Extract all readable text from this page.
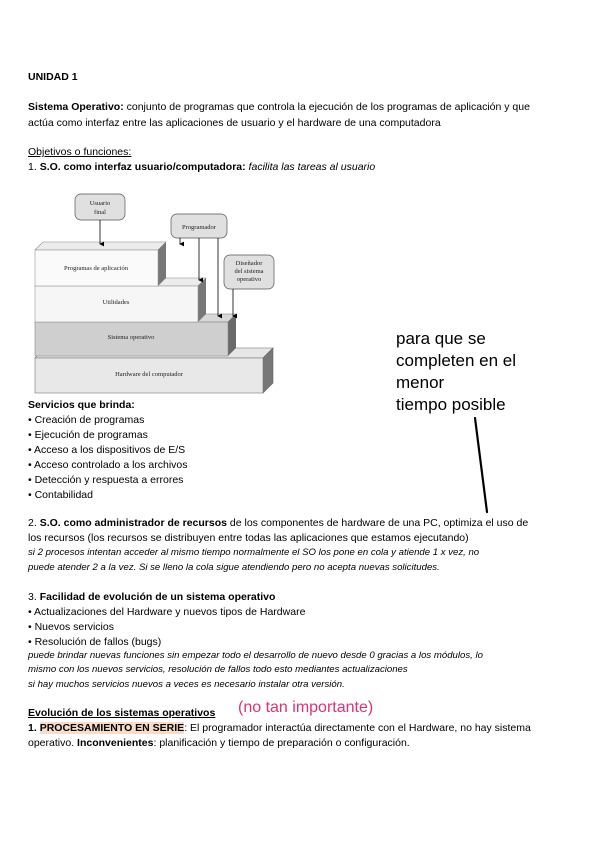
UNIDAD 1
Sistema Operativo: conjunto de programas que controla la ejecución de los programas de aplicación y que
actúa como interfaz entre las aplicaciones de usuario y el hardware de una computadora
Objetivos o funciones:
1. S.O. como interfaz usuario/computadora: facilita las tareas al usuario
Programas de aplicación
Utilidades
Sistema operativo
Hardware del computador
Usuario
final
Programador
Diseñador
del sistema
operativo
para que se
completen en el
menor
tiempo posible
Servicios que brinda:
• Creación de programas
• Ejecución de programas
• Acceso a los dispositivos de E/S
• Acceso controlado a los archivos
• Detección y respuesta a errores
• Contabilidad
2. S.O. como administrador de recursos de los componentes de hardware de una PC, optimiza el uso de
los recursos (los recursos se distribuyen entre todas las aplicaciones que estamos ejecutando)
si 2 procesos intentan acceder al mismo tiempo normalmente el SO los pone en cola y atiende 1 x vez, no
puede atender 2 a la vez. Si se lleno la cola sigue atendiendo pero no acepta nuevas solicitudes.
3. Facilidad de evolución de un sistema operativo
• Actualizaciones del Hardware y nuevos tipos de Hardware
• Nuevos servicios
• Resolución de fallos (bugs)
puede brindar nuevas funciones sin empezar todo el desarrollo de nuevo desde 0 gracias a los módulos, lo
mismo con los nuevos servicios, resolución de fallos todo esto mediantes actualizaciones
si hay muchos servicios nuevos a veces es necesario instalar otra versión.
Evolución de los sistemas operativos (no tan importante)
1. PROCESAMIENTO EN SERIE: El programador interactúa directamente con el Hardware, no hay sistema
operativo. Inconvenientes: planificación y tiempo de preparación o configuración.
